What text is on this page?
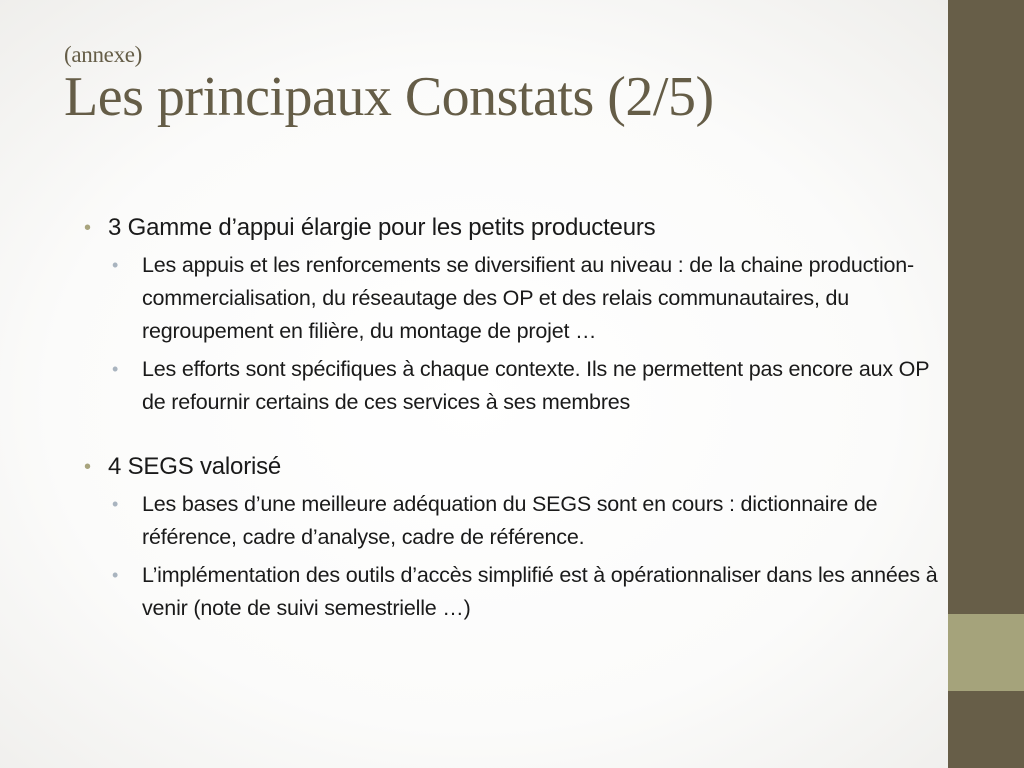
(annexe)
Les principaux Constats (2/5)
• 3 Gamme d’appui élargie pour les petits producteurs
• Les appuis et les renforcements se diversifient au niveau : de la chaine production-commercialisation, du réseautage des OP et des relais communautaires, du regroupement en filière, du montage de projet …
• Les efforts sont spécifiques à chaque contexte. Ils ne permettent pas encore aux OP de refournir certains de ces services à ses membres
• 4 SEGS valorisé
• Les bases d’une meilleure adéquation du SEGS sont en cours : dictionnaire de référence, cadre d’analyse, cadre de référence.
• L’implémentation des outils d’accès simplifié est à opérationnaliser dans les années à venir (note de suivi semestrielle …)
